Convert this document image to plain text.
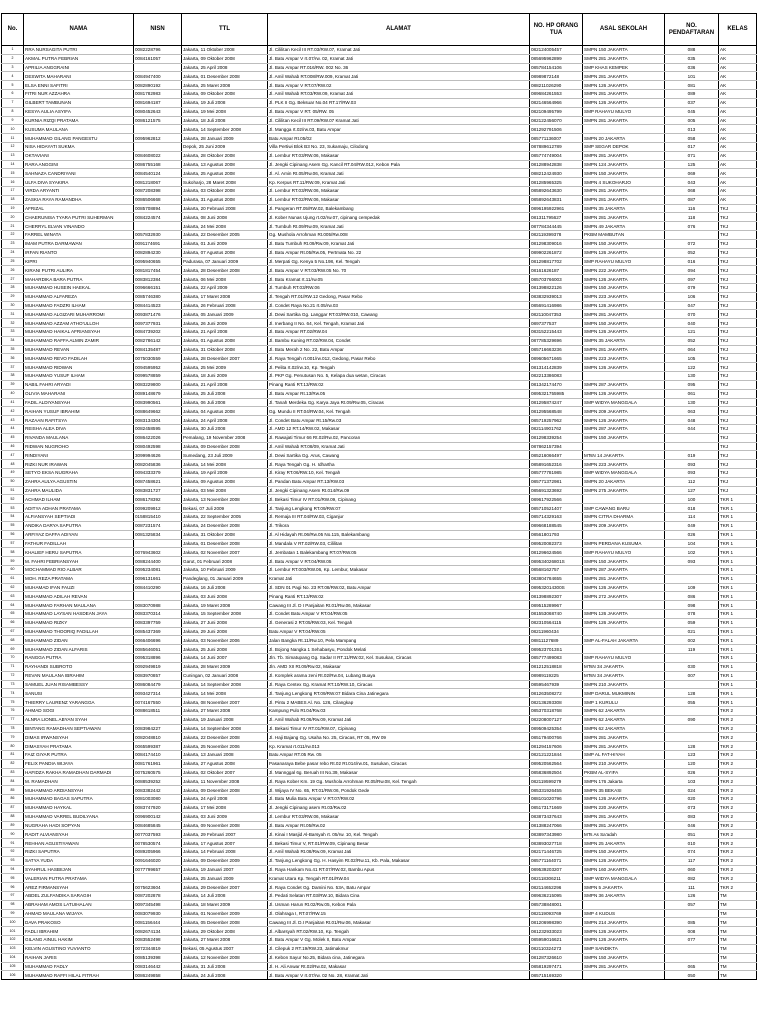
No.	NAMA	NISN	TTL	ALAMAT	NO. HP ORANG TUA	ASAL SEKOLAH	NO. PENDAFTARAN	KELAS
1	RRA NURSAGITA PUTRI	0082228796	Jakarta, 11 Oktober 2008	Jl. Cililitan Kecil III RT.03/RW.07, Kramat Jati	082124005457	SMPN 150 JAKARTA	088	AK
2	AKMAL PUTRA FEBRIAN	0084161057	Jakarta, 09 Oktober 2008	Jl. Batu Ampar V rt.07/rw. 02, Kramat Jati	085695962899	SMPN 281 JAKARTA	035	AK
3	APRILIA ANGGRAINI		Jakarta, 25 April 2008	Jl. Batu Ampar RT.016/RW. 002 No. 36	085784154106	SMP KHAS KEMPEK	036	AK
4	DESWITA MAHARANI	0084947400	Jakarta, 01 Desember 2008	Jl. Amil Wahab RT.008/RW.009, Kramat Jati	08989872148	SMPN 281 JAKARTA	101	AK
5	ELSA ENNI SAFITRI	0082890192	Jakarta, 25 Maret 2008	Jl. Batu Ampar V RT.07/RW.02	088211026290	SMPN 126 JAKARTA	081	AK
6	FITRI NUR AZZAHRA	0081782983	Jakarta, 09 Oktober 2008	Jl. Amil Wahab RT.03/RW.09, Kramat Jati	089684261553	SMPN 281 JAKARTA	089	AK
7	GILBERT TAMBUNAN	0081694187	Jakarta, 19 Juli 2008	Jl. PLK II Gg. Beksuar No.04 RT.17/RW.03	082146564966	SMPN 126 JAKARTA	037	AK
8	KESYA AULIA ASYIFA	0080452643	Jakarta, 19 Mei 2008	Jl. Batu Ampar V RT. 05/RW. 05	082109495799	SMP RAHAYU MULYO	045	AK
9	KURNIA RIZQI PRATAMA	0086121575	Jakarta, 18 Juli 2008	Jl. Cililitan Kecil III RT.09/RW.07 Kramat Jati	082122456070	SMPN 281 JAKARTA	005	AK
10	KUSUMA MAULANA		Jakarta, 14 September 2008	Jl. Mangga rt.02/rw.03, Batu Ampar	081292791506		013	AK
11	MUHAMMAD GILANG PANGESTU	0095962812	Jakarta, 28 Januari 2009	Batu Ampar Rt.05/02	085771136007	SMPN 20 JAKARTA	058	AK
12	NISA HIDAYATI SUKMA		Depok, 25 Juni 2009	Villa Pertiwi Blok B3 No. 23, Sukamaju, Cilodong	087889612789	SMP SEGAR DEPOK	017	AK
13	OKTAVIANI	0084608022	Jakarta, 28 Oktober 2008	Jl. Lembur RT.03/RW.06, Makasar	085774749004	SMPN 281 JAKARTA	071	AK
14	RARA ANGGINI	0086755168	Jakarta, 13 Agustus 2008	Jl. Jengki Cipinang Asem Gg. Kancil RT.04/RW.012, Kebon Pala	081288942838	SMPN 124 JAKARTA	125	AK
15	SAHNAZA CANDRIYANI	0084540124	Jakarta, 25 Agustus 2008	Jl. Al. Amin Rt.05/Rw.06, Kramat Jati	088212424930	SMPN 150 JAKARTA	069	AK
16	ULFA DIVA SYAKIRA	0081218067	Sukoharjo, 28 Maret 2008	Kp. Kerpus RT.11/RW.09, Kramat Jati	081285965325	SMPN 4 SUKOHARJO	043	AK
17	VIRDA ARYANTI	0087208398	Jakarta, 03 Oktober 2008	Jl. Lembur RT.03/RW.06, Makasar	085892643630	SMPN 281 JAKARTA	068	AK
18	ZASKIA RAYA RAMANDHA	0086506668	Jakarta, 31 Agustus 2008	Jl. Lembur RT.02/RW.06, Makasar	085892643831	SMPN 281 JAKARTA	087	AK
19	AFRIZAL	0085708894	Jakarta, 20 Februari 2008	Jl. Pangeran RT.05/RW.02, Balekambang	0896195922961	SMPN 35 JAKARTA	116	TKJ
20	CHAERUNISA TYARA PUTRI SUHERMAN	0084224574	Jakarta, 08 Juni 2008	Jl. Kober Nunas Ujung rt.02/rw.07, cipinang cempedak	081311795627	SMPN 281 JAKARTA	118	TKJ
21	CHERRYL ELVAN VINANDO		Jakarta, 24 Mei 2008	Jl. Tumbuh Rt.09/Rw.09, Kramat Jati	087784344445	SMPN 49 JAKARTA	076	TKJ
22	FARREL WINATA	0057832930	Jakarta, 22 Desember 2005	Gg. Mushola Arrohman Rt.005/Rw.008	082119399378	PKBM MAMBUTAN		TKJ
23	IMAM PUTRA DARMAWAN	0091174691	Jakarta, 01 Juni 2009	Jl. Batu Tumbuh Rt.09/Rw.09, Kramat Jati	081298309016	SMPN 150 JAKARTA	072	TKJ
24	IRFAN RIANTO	0082894230	Jakarta, 07 Agustus 2008	Jl. Batu Ampar Rt.05/Rw.05, Pertmata No. 22	089902261872	SMPN 126 JAKARTA	052	TKJ
25	KIPRI	0095940655	Padurasa, 07 Januari 2009	Jl. Merpati Gg. Kenya 5 No.198, Kel. Tengah	081298817702	SMP RAHAYU MULYO	016	TKJ
26	KIRANI PUTRI AULIRA	0081817454	Jakarta, 28 Desember 2008	Jl. Batu Ampar V RT.03/RW.05 No. 70	08161626187	SMPN 222 JAKARTA	094	TKJ
27	MAHARDIKA BARA PUTRA	0083812384	Jakarta, 06 Mei 2008	Jl. Batu Kramat rt.11/rw.05	085703766003	SMPN 126 JAKARTA	097	TKJ
28	MUHAMMAD HUSEIN HAEKAL	0096666151	Jakarta, 22 April 2009	Jl. Tumbuh RT.03/RW.06	081398822126	SMPN 150 JAKARTA	079	TKJ
29	MUHAMMAD ALFAREZA	0085746380	Jakarta, 17 Maret 2008	Jl. Tengah RT.01/RW.12 Gedong, Pasar Rebo	083832939013	SMPN 223 JAKARTA	106	TKJ
30	MUHAMMAD FADZRI ILHAM	0084414523	Jakarta, 26 Februari 2008	Jl. Condet Raya No.21 rt.05/rw.03	085691416986	SMPN 126 JAKARTA	047	TKJ
31	MUHAMMAD ALGIZARI MUHARROMI	0093871476	Jakarta, 05 Januari 2009	Jl. Dewi Sartika Gg. Langgar RT.03/RW.010, Cawang	082110047353	SMPN 281 JAKARTA	070	TKJ
32	MUHAMMAD AZZAM ATHO'ULLOH	0097377931	Jakarta, 26 Juni 2009	Jl. Inerbang II No. 64, Kel. Tengah, Kramat Jati	0897377537	SMPN 150 JAKARTA	040	TKJ
33	MUHAMMAD HAIKAL AFRIANSYAH	0084739202	Jakarta, 21 April 2008	Jl. Batu Ampar RT.02/RW.04	083152215443	SMPN 126 JAKARTA	121	TKJ
34	MUHAMMAD RAFFA ALMIN ZAMIR	0082786142	Jakarta, 01 Agustus 2008	Jl. Bambu Kuning RT.02/RW.04, Condet	087785329696	SMPN 35 JAKARTA	052	TKJ
35	MUHAMMAD REVAN	0084135487	Jakarta, 31 Oktober 2008	Jl. Batu Merah 2 No. 22, Batu Ampar	085716663236	SMPN 281 JAKARTA	064	TKJ
36	MUHAMMAD REVO FADILAH	0075030559	Jakarta, 28 Desember 2007	Jl. Raya Tengah rt.001/rw.012, Gedong, Pasar Rebo	089605671665	SMPN 223 JAKARTA	105	TKJ
37	MUHAMMAD RIDWAN	0094595952	Jakarta, 25 Mei 2009	Jl. Pelita rt.02/rw.10, Kp. Tengah	081314142839	SMPN 126 JAKARTA	122	TKJ
38	MUHAMMAD YUSUF ILHAM	0099578859	Jakarta, 18 Juni 2009	Jl. PKP Gg. Penutusan No. 5, Kelapa dua wetan, Ciracas	082213386083		130	TKJ
39	NABIL FAHRI ARYADI	0083229800	Jakarta, 21 April 2008	Pinang Ranti RT.13/RW.02	081342174470	SMPN 287 JAKARTA	095	TKJ
40	OLIVIA MAHARANI	0089148679	Jakarta, 25 Juli 2008	Jl. Batu Ampar Rt.13/Rw.05	0895321755985	SMPN 126 JAKARTA	061	TKJ
41	FADIL ALDIYANSYAH	0083990561	Jakarta, 06 Juli 2008	Jl. Tanah Merdeka Gg. Karya Jaya Rt.09/Rw.05, Ciracas	081295874247	SMP WIDYA MANGGALA	130	TKJ
42	RAIHAN YUSUF IBRAHIM	0088649662	Jakarta, 04 Agustus 2008	Gg. Mundu II RT.04/RW.04, Kel. Tengah	081295568548	SMPN 209 JAKARTA	063	TKJ
43	RAZAAN RAFITSYA	0083134304	Jakarta, 24 April 2008	Jl. Condet Batu Ampar Rt.15/Rw.03	085719257962	SMPN 126 JAKARTA	048	TKJ
44	REISHA ALEA DIVA	0082458595	Jakarta, 30 Juli 2008	Jl. AMD 12 RT.14/RW.02, Makasar	082114901762	SMPN 287 JAKARTA	044	TKJ
45	RIVANDA MAULANA	0086422026	Pemalang, 19 November 2008	Jl. Rawajati Timur 66 Rt.02/Rw.02, Pancoran	081298339254	SMPN 150 JAKARTA		TKJ
46	RIDWAN NUGROHO	0080492598	Jakarta, 09 Desember 2008	Jl. Amil Wahab RT.08/09, Kramat Jati	087862157394			TKJ
47	RINDIYANI	3099994626	Sumedang, 23 Juli 2009	Jl. Dewi Sartika Gg. Arus, Cawang	085216066497	MTsN 14 JAKARTA	019	TKJ
48	RIZKI NUR IRAWAN	0082045836	Jakarta, 14 Mei 2008	Jl. Raya Tengah Gg. H. Idhartha	085891652316	SMPN 223 JAKARTA	093	TKJ
49	SETYO EKSA NUGRAHA	0094333379	Jakarta, 19 April 2009	Jl. Kiray RT.06/RW.10, Kel. Tengah	085777781985	SMP WIDYA MANGGALA	093	TKJ
50	ZAHRA AULYA AGUSTIN	0087458621	Jakarta, 09 Agustus 2008	Jl. Pandan Batu Ampar RT.13/RW.03	085771372981	SMPN 20 JAKARTA	112	TKJ
51	ZAHRA MAULIDA	0083831727	Jakarta, 03 Mei 2008	Jl. Jengki Cipinang Asem Rt.014/Rw.09	085691323692	SMPN 275 JAKARTA	127	TKJ
52	ACHMAD ILHAM	0086178392	Jakarta, 13 November 2008	Jl. Bekasi Timur IV RT.01/RW.09, Cipinang	089617922566		100	TKR 1
53	ADITYA ADHAN PRATAMA	0099209912	Bekasi, 07 Juli 2009	Jl. Tanjung Lengkong RT.09/RW.07	085710521407	SMP CAWANG BARU	018	TKR 1
54	ALFIANSYAH SEPTIADI	0158815410	Jakarta, 22 September 2005	Jl. Remaja III RT.04/RW.03, Ciganjur	085714329163	SMPN CITRA DHARMA	114	TKR 1
55	ANDIKA DARYA SAPUTRA	0087231574	Jakarta, 24 Desember 2008	Jl. Trikora	089668188545	SMPN 209 JAKARTA	049	TKR 1
56	ARFIYAZ DAFFA ADIYAN	0081325834	Jakarta, 31 Oktober 2008	Jl. Al Hidayah Rt.06/Rw.05 No.115, Balekambang	08561801793		026	TKR 1
57	FATHUR FADILLAH		Jakarta, 01 Desember 2008	Jl. Mandala V RT.02/RW.03, Cililitan	089520082373	SMPN PERDANA KUSUMA	104	TKR 1
58	KHALIEF HERU SAPUTRA	0076943602	Jakarta, 02 November 2007	Jl. Jembatan 1 Balekambang RT.07/RW.05	081296624566	SMP RAHAYU MULYO	102	TKR 1
59	M. FAHRI FEBRIANSYAH	0088244400	Garut, 01 Februari 2008	Jl. Batu Ampar V RT.04/RW.05	089534026801S	SMPN 150 JAKARTA	093	TKR 1
60	MOCHAMMAD RIO ALBAR	0095234081	Jakarta, 10 Februari 2009	Jl. Lembur RT.003/RW.06, Kp. Lembur, Makasar	08568162757	SMPN 287 JAKARTA		TKR 1
61	MOH. REZA PRATAMA	0096131661	Pandeglang, 01 Januari 2009	Kramat Jati	083804784655	SMPN 281 JAKARTA		TKR 1
62	MUHAMAD IFAN FAUZI	0084410290	Jakarta, 16 Juli 2008	Jl. SDN 01 Pagi No. 23 RT.08/RW.02, Batu Ampar	089532014300S	SMPN 126 JAKARTA	109	TKR 1
63	MUHAMMAD ADILAH REVAN		Jakarta, 03 Juni 2008	Pinang Ranti RT.13/RW.02	081398892307	SMPN 272 JAKARTA	086	TKR 1
64	MUHAMMAD FARHAN MAULANA	0083070988	Jakarta, 19 Maret 2008	Cawang III Jl. D I Panjaitan Rt.01/Rw.06, Makasar	089515289967		098	TKR 1
65	MUHAMMAD LAYSAN HASDEAN JAYA	0083370314	Jakarta, 15 September 2008	Jl. Condet Batu Ampar V RT.04/RW.05	081553068740	SMPN 126 JAKARTA	078	TKR 1
66	MUHAMMAD RIZKY	0083397759	Jakarta, 27 Juni 2008	Jl. Generasi 2 RT.05/RW.03, Kel. Tengah	082310564115	SMPN 126 JAKARTA	059	TKR 1
67	MUHAMMAD THOORIQ FADILLAH	0085437369	Jakarta, 29 Juni 2008	Batu Ampar V RT.04/RW.05	08211960434		021	TKR 1
68	MUHAMMAD ZIDAN	0066406696	Jakarta, 03 November 2006	Jalan Bangka Rt.11/Rw.10, Pela Mampang	08811127689	SMP AL-FALAH JAKARTA	002	TKR 1
69	MUHAMMAD ZIDAN ALFARIS	0085646051	Jakarta, 25 Juni 2008	Jl. Bojong Nangka 1 Sehabasyu, Pondok Melati	0895237013S1		119	TKR 1
70	RANGGA PUTRA	0095318896	Jakarta, 14 Juni 2007	Jln. Tb. Simatupang Gg. Sadar II RT.11/RW.02, Kel. Susukan, Ciracas	085777499083	SMP RAHAYU MULYO		TKR 1
71	RAYHANDI SUBROTO	0092949819	Jakarta, 28 Maret 2009	Jln. AMD XII Rt.09/Rw.02, Makasar	081212518818	MTsN 34 JAKARTA	030	TKR 1
72	REVAN MAULANA IBRAHIM	0083970857	Cuningan, 02 Januari 2008	Jl. Komplek arama zeni Rt.02/Rw.04, Lubang Buaya	08989119225	MTsN 34 JAKARTA	007	TKR 1
73	SAMUEL JUAN RISAMBESSY	0086084479	Jakarta, 14 September 2008	Jl. Raya Centex Gg. Kramat RT.10/RW.10, Ciracas	08595467939	SMPN 210 JAKARTA		TKR 1
74	SANUSI	0093427314	Jakarta, 14 Mei 2008	Jl. Tanjung Lengkong RT.09/RW.07 Bidara Cina Jatinegara	081263508272	SMP DARUL MUKMININ	128	TKR 1
75	THIERRY LAURENZ YARANGGA	0074167550	Jakarta, 08 November 2007	Jl. Pintu 2 MABES Al. No. 126, Cilangkap	082136293308	SMP 1 KURULU	055	TKR 1
76	AHMAD SOGI	0088618511	Jakarta, 27 Maret 2008	Kampung Pulo Rt.04/Rw.03	085370318768	SMPN 62 JAKARTA		TKR 2
77	ALNRA LIONEL ABYAN SYAH		Jakarta, 19 Januari 2008	Jl. Amil Wahab Rt.06/Rw.09, Kramat Jati	082208007127	SMPN 62 JAKARTA	090	TKR 2
78	BINTANG RAMADHAN SEPTIAWAN	0083984227	Jakarta, 14 September 2008	Jl. Bekasi Timur IV RT.01/RW.07, Cipinang	089509425354	SMPN 62 JAKARTA		TKR 2
79	DIMAS IRWANSYAH	0082048810	Jakarta, 22 Desember 2008	Jl. Haji Bajang Gg. Usaha No. 25, Ciracas, RT 05, RW 09	085179400766	SMPN 281 JAKARTA		TKR 2
80	DIMASYAH PRATAMA	0065599387	Jakarta, 25 November 2006	Kp. Kramat rt.011/rw.013	081294157606	SMPN 281 JAKARTA	128	TKR 2
81	FAIZ GIYAR PUTRA	0084174410	Jakarta, 13 Januari 2008	Batu Ampar RT.05 Rw. 05	082121221844	SMP AL FAT-HIYAH	123	TKR 2
82	FELIX PANDIA WIJAYA	0081761961	Jakarta, 27 Agustus 2008	Pasanaraya Bebe pasar rebo Rt.02 Rt.014/rw.01, Susukan, Ciracas	089520562564	SMPN 210 JAKARTA	120	TKR 2
83	HAFIDZA RAKHA RAMADHAN DARMADI	0075260575	Jakarta, 02 Oktober 2007	Jl. Mannggal 6g. Beruah III No.39, Makasar	085836892504	PKBM AL-SYIFA	026	TKR 2
84	M. RAMADHAN	0088539252	Jakarta, 11 November 2008	Jl. Raya Kober Km. 19 Gg. Mushola Arrohman Rt.05/Rw.08, Kel. Tengah	082119599279	SMPN 176 Jakarta	103	TKR 2
85	MUHAMMAD ARDIANSYAH	0083382442	Jakarta, 09 Desember 2008	Jl. Wijaya IV No. 65, RT.01/RW.06, Pondok Gede	085331926455	SMPN 35 BEKASI	024	TKR 2
86	MUHAMMAD BAGAS SAPUTRA	0081003080	Jakarta, 24 April 2008	Jl. Batu Mulia Batu Ampar V RT.07/RW.02	088101020796	SMPN 126 JAKARTA	020	TKR 2
87	MUHAMMAD HAYKAL	0083747920	Jakarta, 17 Mei 2008	Jl. Jengki Cipinang asem Rt.03/Rw.02	085173171669	SMPN 220 JAKARTA	073	TKR 2
88	MUHAMMAD VARREL BUDILYANA	0096900142	Jakarta, 03 Juni 2009	Jl. Lembur RT.03/RW.06, Makasar	083873437643	SMPN 281 JAKARTA	083	TKR 2
89	NUGRAHA HADI SOPYAN	0084685845	Jakarta, 09 November 2008	Jl. Batu Ampar Rt.05/Rw.02	081388247066	SMPN 281 JAKARTA	046	TKR 2
90	RADIT ALVIANSYAH	0077037593	Jakarta, 29 Februari 2007	Jl. Kinai I Masjid Al-Barsyah rt. 05/rw. 10, Kel. Tengah	083897343980	MTs As Sa'adah	051	TKR 2
91	REHHAN AGUSTIYAWAN	0078530574	Jakarta, 17 Agustus 2007	Jl. Bekasi Timur V, RT.01/RW.09, Cipinang Besar	083893027718	SMPN 25 JAKARTA	010	TKR 2
92	RIZKI SAPUTRA	0089205966	Jakarta, 14 Februari 2008	Jl. Amil Wahab Rt.08/Rw.09, Kramat Jati	082171446725	SMPN 150 JAKARTA	074	TKR 2
93	SATYA YUDA	0091646020	Jakarta, 09 Desember 2009	Jl. Tanjung Lengkong Gg. H. Hasyim Rt.02/Rw.11, Kb. Pala, Makasar	085771164071	SMPN 126 JAKARTA	117	TKR 2
94	SYAHRUL HASBIIJAN	0077799657	Jakarta, 19 Januari 2007	Jl. Raya Hankam No.41 RT.07/RW.02, Bambu Apus	089539203207	SMPN 160 JAKARTA	060	TKR 2
95	VALERIAN PUTRA PRATAMA		Jakarta, 25 Januari 2009	Kramat Utara Kp. Tengah RT.01/RW.04	082118306211	SMP WIDYA MANGGALA	082	TKR 2
96	AREZ FIRMANSYAH	0075623604	Jakarta, 29 Desember 2007	Jl. Raya Condet Gg. Damini No. 53A, Batu Ampar	082114652296	SMPN 5 JAKARTA	111	TKR 2
97	ABDEL ZULFANDIKA SARAGIH	0087202878	Jakarta, 14 Juli 2008	Jl. Pedati Selatan RT.03/RW.10, Bidara Cina	089636215095	SMPN 36 JAKARTA	126	TM
98	ABRAHAM AMOS LATUIHALAN	0097345498	Jakarta, 18 Maret 2009	Jl. Usman Harun Rt.02/Rw.05, Kebon Pala	085738848001		057	TM
99	AHMAD MAULANA WIJAYA	0083079930	Jakarta, 01 November 2009	Jl. Olahraga I, RT.07/RW.15	082119093769	SMP 4 KUDUS		TM
100	DAVA PRAKOSO	0081156444	Jakarta, 05 Desember 2008	Cawang III Jl. D.I Panjaitan Rt.01/Rw.06, Makasar	081206998390	SMPN 214 JAKARTA	085	TM
101	FADLI IBRAHIM	0082674134	Jakarta, 29 Oktober 2008	Jl. Albarsyah RT.02/RW.10, Kp. Tengah	081232933023	SMPN 126 JAKARTA	008	TM
102	GILANG AINUL HAKIM	0083552498	Jakarta, 27 Maret 2008	Jl. Batu Ampar V Gg. Molek II, Batu Ampar	085959016621	SMPN 126 JAKARTA	077	TM
103	KELVIN AGUSTINO YUVIANTO	0072344819	Bekasi, 05 Agustus 2007	Jl. Cilepuk 2 RT.19/RW.23, Jatimakmur	082110324273	SMP SANDIKTA		TM
104	RAIHAN JARIS	0085139398	Jakarta, 12 November 2008	Jl. Kebon Sayur No.25, Bidara cina, Jatinegara	081287326610	SMPN 150 JAKARTA		TM
105	MUHAMMAD FADLY	0083146442	Jakarta, 31 Juli 2008	Jl. H. Ali Anwar Rt.02/Rw.02, Makasar	085819297471	SMPN 281 JAKARTA	065	TM
106	MUHAMMAD RAFFI HILAL FITRAH	0086249858	Jakarta, 24 Juli 2008	Jl. Batu Ampar V rt.07/rw. 02 No. 28, Kramat Jati	085715169320		050	TM
